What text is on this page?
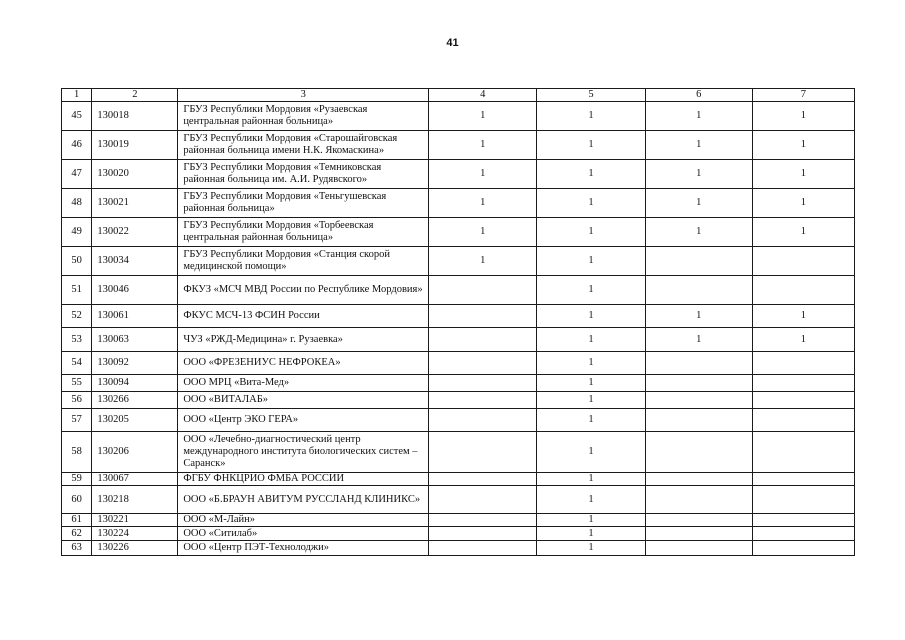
41
1	2	3	4	5	6	7
45	130018	ГБУЗ Республики Мордовия «Рузаевская центральная районная больница»	1	1	1	1
46	130019	ГБУЗ Республики Мордовия «Старошайговская районная больница имени Н.К. Якомаскина»	1	1	1	1
47	130020	ГБУЗ Республики Мордовия «Темниковская районная больница им. А.И. Рудявского»	1	1	1	1
48	130021	ГБУЗ Республики Мордовия «Теньгушевская районная больница»	1	1	1	1
49	130022	ГБУЗ Республики Мордовия «Торбеевская центральная районная больница»	1	1	1	1
50	130034	ГБУЗ Республики Мордовия «Станция скорой медицинской помощи»	1	1		
51	130046	ФКУЗ «МСЧ МВД России по Республике Мордовия»		1		
52	130061	ФКУС МСЧ-13 ФСИН России		1	1	1
53	130063	ЧУЗ «РЖД-Медицина» г. Рузаевка»		1	1	1
54	130092	ООО «ФРЕЗЕНИУС НЕФРОКЕА»		1		
55	130094	ООО МРЦ «Вита-Мед»		1		
56	130266	ООО «ВИТАЛАБ»		1		
57	130205	ООО «Центр ЭКО ГЕРА»		1		
58	130206	ООО «Лечебно-диагностический центр международного института биологических систем – Саранск»		1		
59	130067	ФГБУ ФНКЦРИО ФМБА РОССИИ		1		
60	130218	ООО «Б.БРАУН АВИТУМ РУССЛАНД КЛИНИКС»		1		
61	130221	ООО «М-Лайн»		1		
62	130224	ООО «Ситилаб»		1		
63	130226	ООО «Центр ПЭТ-Технолоджи»		1		
